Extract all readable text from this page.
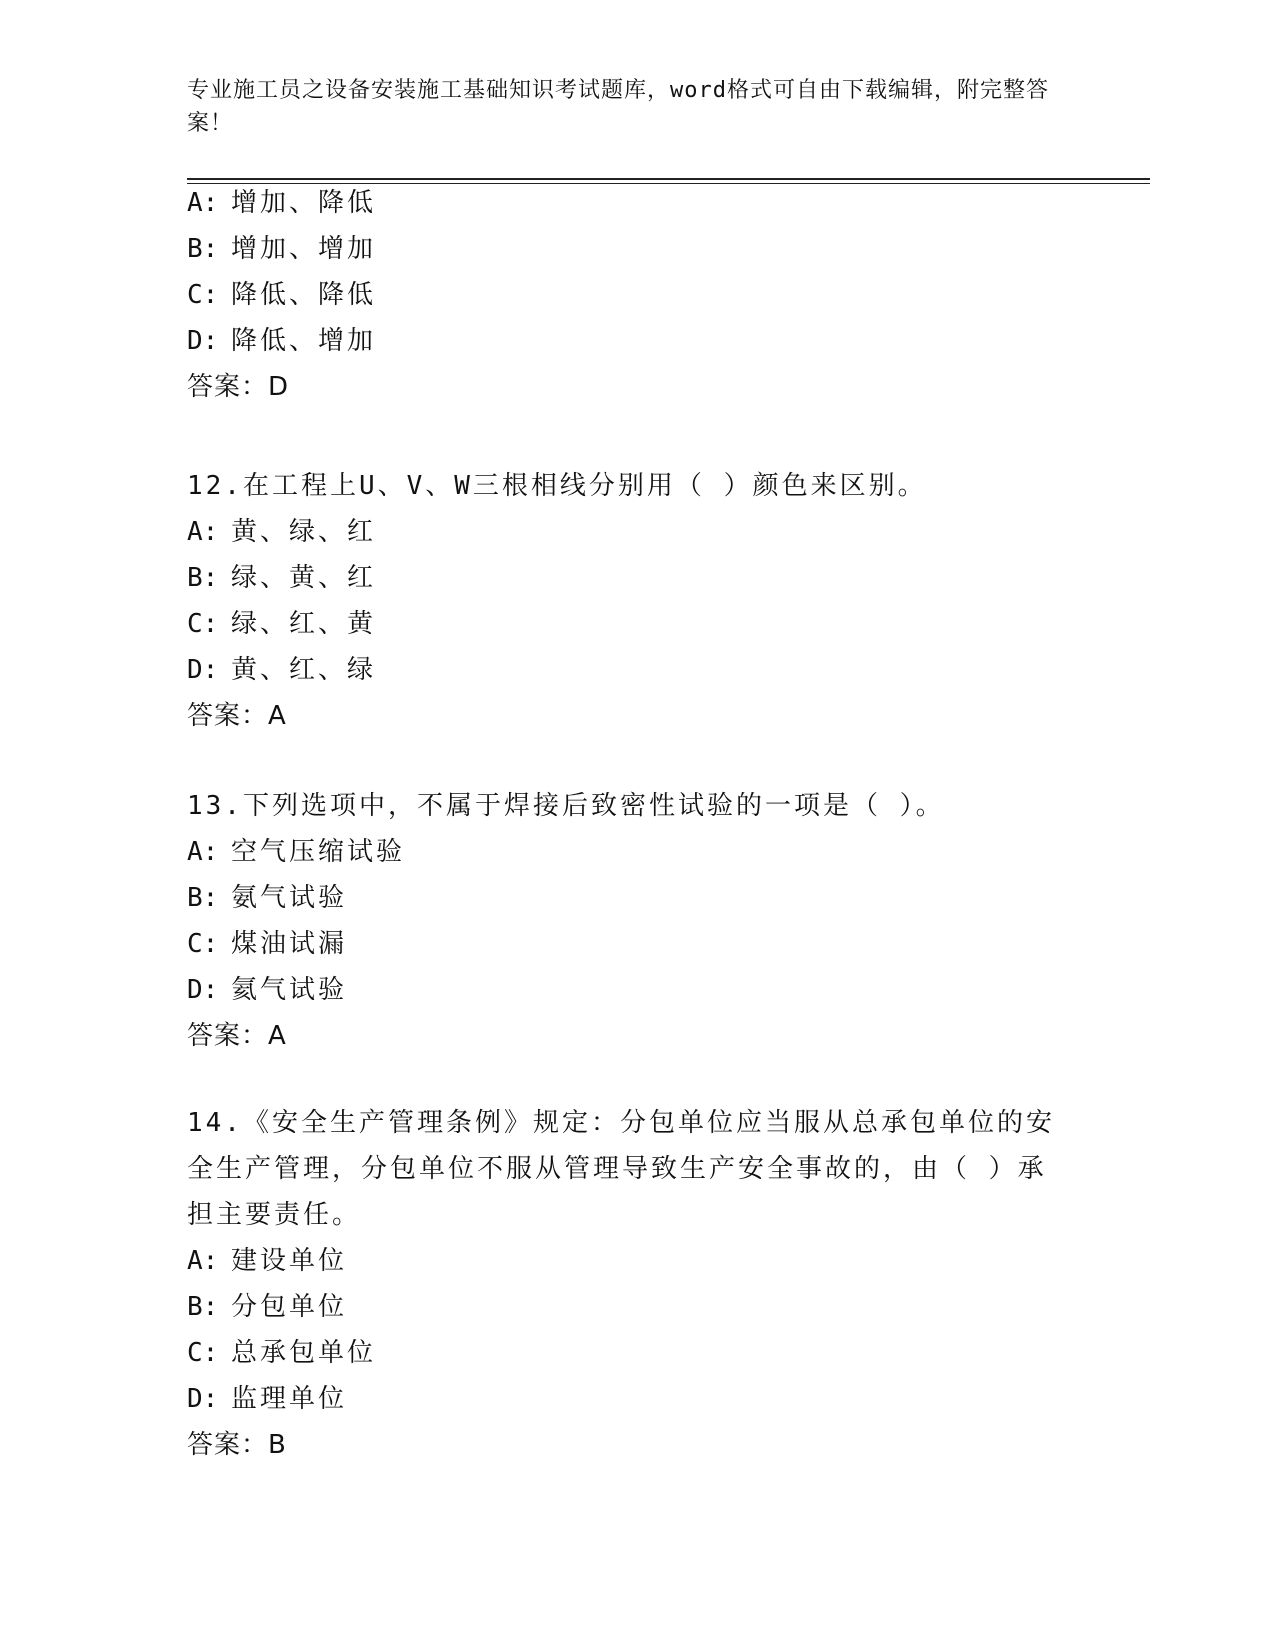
专业施工员之设备安装施工基础知识考试题库，word格式可自由下载编辑，附完整答案！
A: 增加、降低
B: 增加、增加
C: 降低、降低
D: 降低、增加
答案：D
12.在工程上U、V、W三根相线分别用（ ）颜色来区别。
A: 黄、绿、红
B: 绿、黄、红
C: 绿、红、黄
D: 黄、红、绿
答案：A
13.下列选项中，不属于焊接后致密性试验的一项是（ ）。
A: 空气压缩试验
B: 氨气试验
C: 煤油试漏
D: 氦气试验
答案：A
14.《安全生产管理条例》规定：分包单位应当服从总承包单位的安全生产管理，分包单位不服从管理导致生产安全事故的，由（ ）承担主要责任。
A: 建设单位
B: 分包单位
C: 总承包单位
D: 监理单位
答案：B
